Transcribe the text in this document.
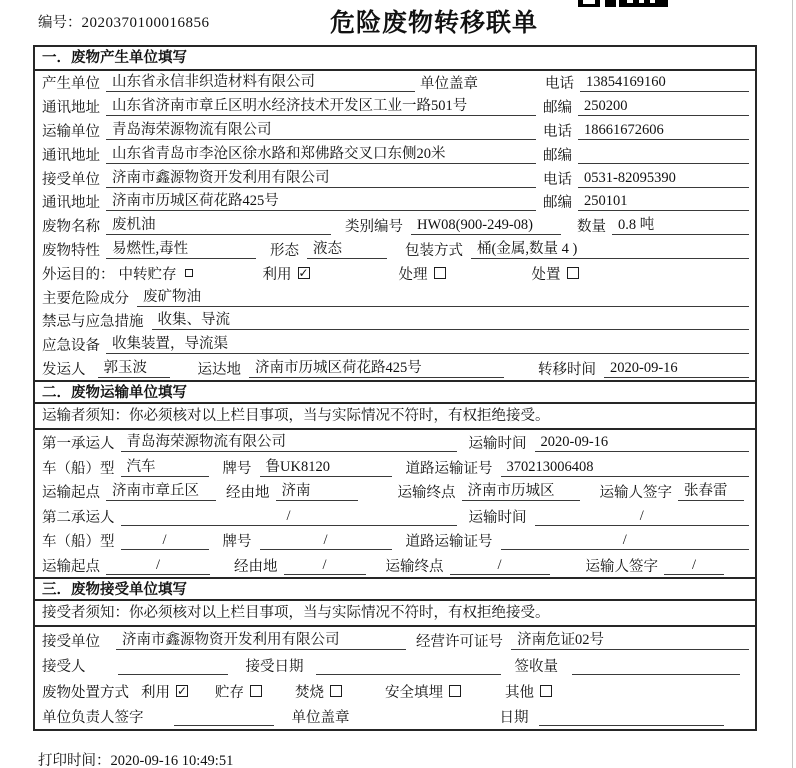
编号：2020370100016856	危险废物转移联单
一．废物产生单位填写
产生单位 山东省永信非织造材料有限公司	单位盖章	电话 13854169160
通讯地址 山东省济南市章丘区明水经济技术开发区工业一路501号	邮编 250200
运输单位 青岛海荣源物流有限公司	电话 18661672606
通讯地址 山东省青岛市李沧区徐水路和郑佛路交叉口东侧20米	邮编
接受单位 济南市鑫源物资开发利用有限公司	电话 0531-82095390
通讯地址 济南市历城区荷花路425号	邮编 250101
废物名称 废机油	类别编号 HW08(900-249-08)	数量 0.8 吨
废物特性 易燃性,毒性	形态 液态	包装方式 桶(金属,数量 4 )
外运目的： 中转贮存	利用 ✓	处理	处置
主要危险成分 废矿物油
禁忌与应急措施 收集、导流
应急设备 收集装置，导流渠
发运人	郭玉波	运达地 济南市历城区荷花路425号	转移时间 2020-09-16
二．废物运输单位填写
运输者须知：你必须核对以上栏目事项，当与实际情况不符时，有权拒绝接受。
第一承运人 青岛海荣源物流有限公司	运输时间 2020-09-16
车（船）型 汽车	牌号 鲁UK8120	道路运输证号 370213006408
运输起点 济南市章丘区	经由地 济南	运输终点 济南市历城区	运输人签字 张春雷
第二承运人	/	运输时间	/
车（船）型	/	牌号	/	道路运输证号	/
运输起点	/	经由地	/	运输终点	/	运输人签字	/
三．废物接受单位填写
接受者须知：你必须核对以上栏目事项，当与实际情况不符时，有权拒绝接受。
接受单位	济南市鑫源物资开发利用有限公司	经营许可证号 济南危证02号
接受人	接受日期	签收量
废物处置方式 利用 ✓ 贮存	焚烧	安全填埋	其他
单位负责人签字	单位盖章	日期
打印时间：2020-09-16 10:49:51
